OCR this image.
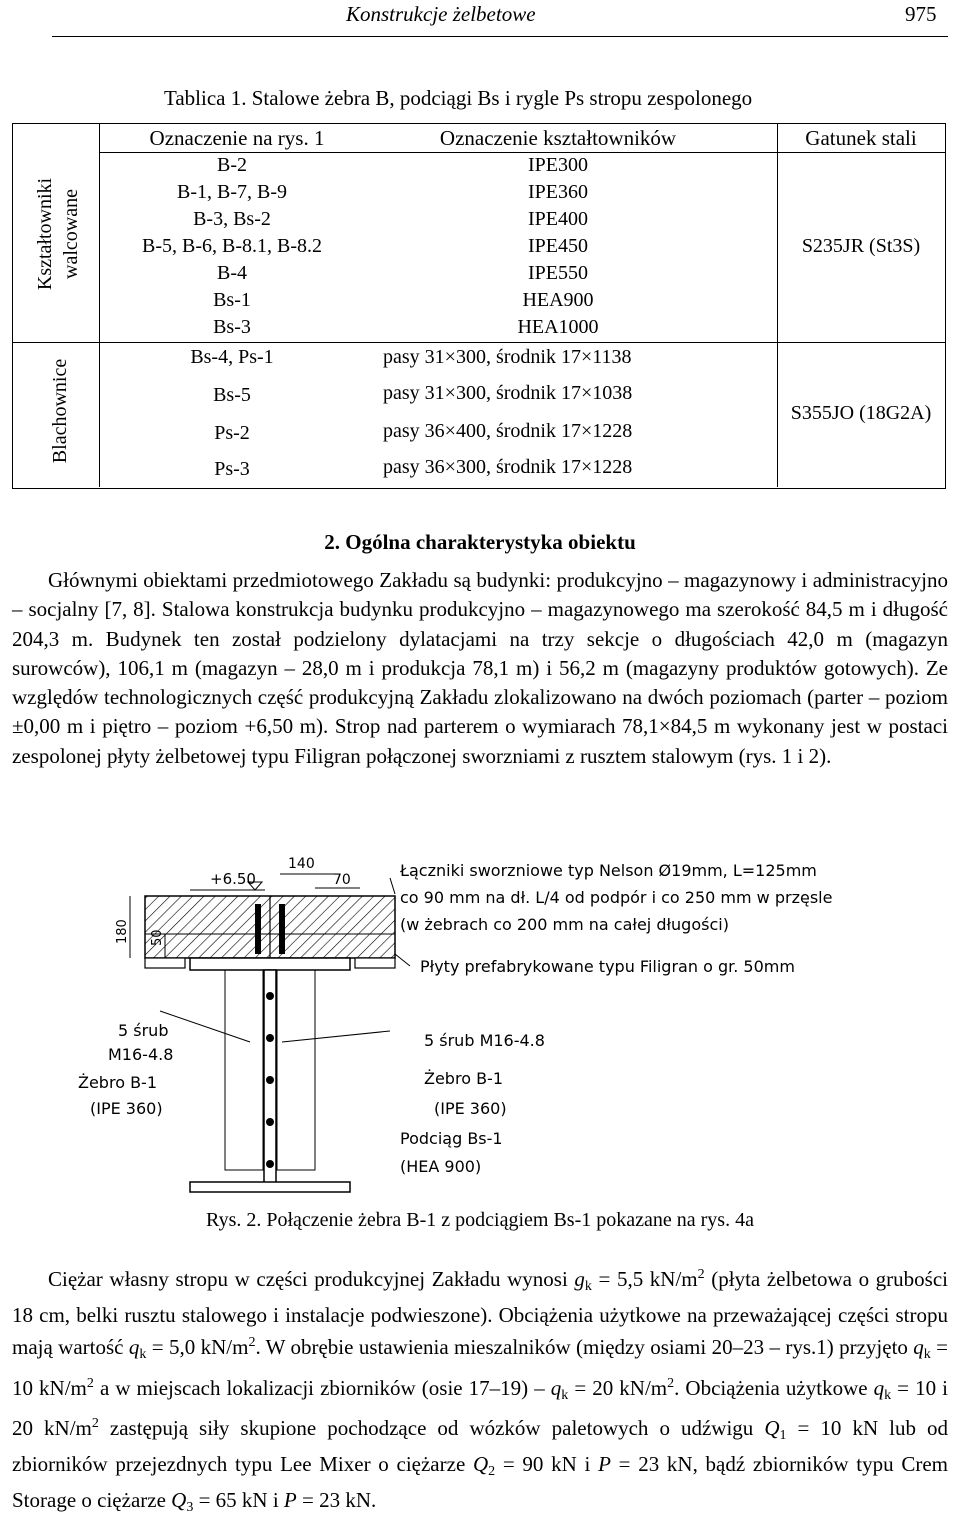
Konstrukcje żelbetowe	975
Tablica 1. Stalowe żebra B, podciągi Bs i rygle Ps stropu zespolonego
Oznaczenie na rys. 1	Oznaczenie kształtowników	Gatunek stali
Kształtowniki walcowane
Blachownice
B-2	IPE300
B-1, B-7, B-9	IPE360
B-3, Bs-2	IPE400
B-5, B-6, B-8.1, B-8.2	IPE450
B-4	IPE550
Bs-1	HEA900
Bs-3	HEA1000
S235JR (St3S)
Bs-4, Ps-1	pasy 31×300, środnik 17×1138
Bs-5	pasy 31×300, środnik 17×1038
Ps-2	pasy 36×400, środnik 17×1228
Ps-3	pasy 36×300, środnik 17×1228
S355JO (18G2A)
2. Ogólna charakterystyka obiektu
Głównymi obiektami przedmiotowego Zakładu są budynki: produkcyjno – magazynowy i administracyjno – socjalny [7, 8]. Stalowa konstrukcja budynku produkcyjno – magazynowego ma szerokość 84,5 m i długość 204,3 m. Budynek ten został podzielony dylatacjami na trzy sekcje o długościach 42,0 m (magazyn surowców), 106,1 m (magazyn – 28,0 m i produkcja 78,1 m) i 56,2 m (magazyny produktów gotowych). Ze względów technologicznych część produkcyjną Zakładu zlokalizowano na dwóch poziomach (parter – poziom ±0,00 m i piętro – poziom +6,50 m). Strop nad parterem o wymiarach 78,1×84,5 m wykonany jest w postaci zespolonej płyty żelbetowej typu Filigran połączonej sworzniami z rusztem stalowym (rys. 1 i 2).
+6.50
140
70
180 50
Łączniki sworzniowe typ Nelson Ø19mm, L=125mm
co 90 mm na dł. L/4 od podpór i co 250 mm w przęsle
(w żebrach co 200 mm na całej długości)
Płyty prefabrykowane typu Filigran o gr. 50mm
5 śrub
M16-4.8
Żebro B-1
(IPE 360)
5 śrub M16-4.8
Żebro B-1
(IPE 360)
Podciąg Bs-1
(HEA 900)
Rys. 2. Połączenie żebra B-1 z podciągiem Bs-1 pokazane na rys. 4a
Ciężar własny stropu w części produkcyjnej Zakładu wynosi $g_k = 5,5$ $kN/m^2$ (płyta żelbetowa o grubości 18 cm, belki rusztu stalowego i instalacje podwieszone). Obciążenia użytkowe na przeważającej części stropu mają wartość $q_k = 5,0$ $kN/m^2$. W obrębie ustawienia mieszalników (między osiami 20–23 – rys.1) przyjęto $q_k = 10$ $kN/m^2$ a w miejscach lokalizacji zbiorników (osie $17-19) - q_k = 20$ $kN/m^2$. Obciążenia użytkowe $q_k = 10$ i 20 $kN/m^2$ zastępują siły skupione pochodzące od wózków paletowych o udźwigu $Q_1 = 10$ kN lub od zbiorników przejezdnych typu Lee Mixer o ciężarze $Q_2 = 90$ kN i P = 23 kN, bądź zbiorników typu Crem Storage o ciężarze $Q_3 = 65$ kN i P = 23 kN.
